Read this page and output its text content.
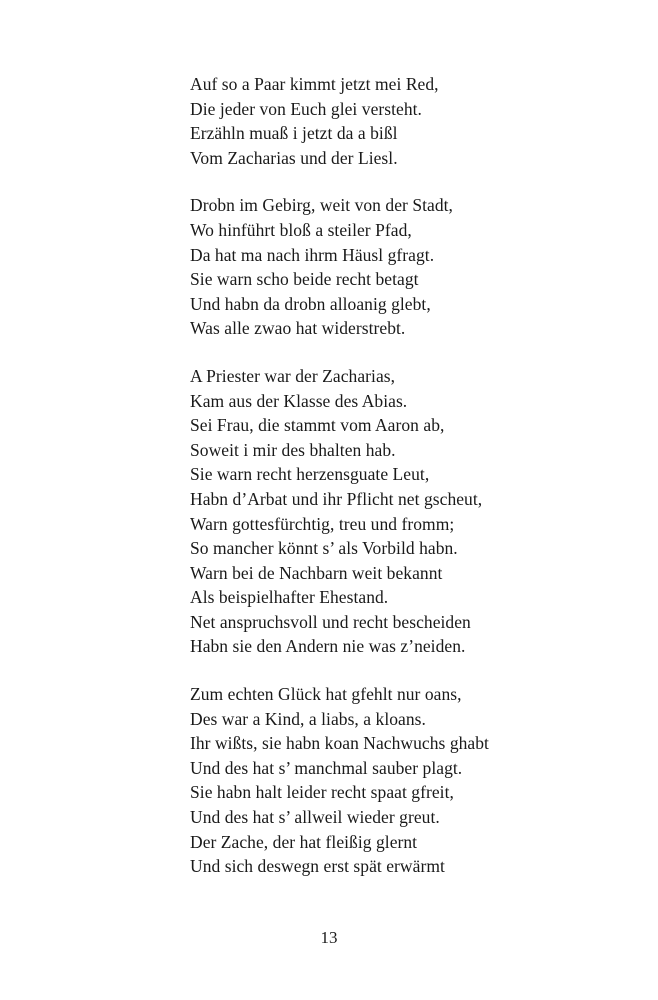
Auf so a Paar kimmt jetzt mei Red,
Die jeder von Euch glei versteht.
Erzähln muaß i jetzt da a bißl
Vom Zacharias und der Liesl.
Drobn im Gebirg, weit von der Stadt,
Wo hinführt bloß a steiler Pfad,
Da hat ma nach ihrm Häusl gfragt.
Sie warn scho beide recht betagt
Und habn da drobn alloanig glebt,
Was alle zwao hat widerstrebt.
A Priester war der Zacharias,
Kam aus der Klasse des Abias.
Sei Frau, die stammt vom Aaron ab,
Soweit i mir des bhalten hab.
Sie warn recht herzensguate Leut,
Habn d’Arbat und ihr Pflicht net gscheut,
Warn gottesfürchtig, treu und fromm;
So mancher könnt s’ als Vorbild habn.
Warn bei de Nachbarn weit bekannt
Als beispielhafter Ehestand.
Net anspruchsvoll und recht bescheiden
Habn sie den Andern nie was z’neiden.
Zum echten Glück hat gfehlt nur oans,
Des war a Kind, a liabs, a kloans.
Ihr wißts, sie habn koan Nachwuchs ghabt
Und des hat s’ manchmal sauber plagt.
Sie habn halt leider recht spaat gfreit,
Und des hat s’ allweil wieder greut.
Der Zache, der hat fleißig glernt
Und sich deswegn erst spät erwärmt
13
